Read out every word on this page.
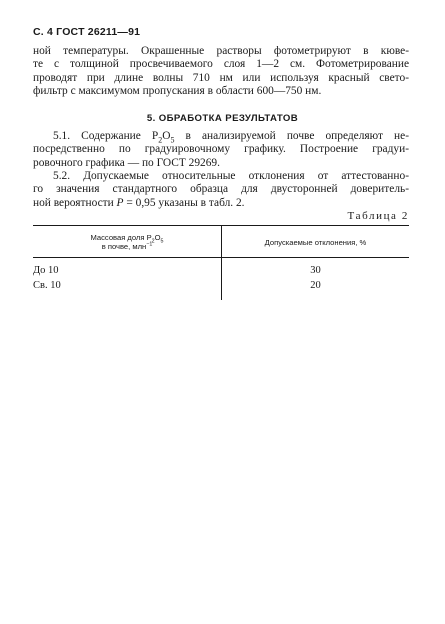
С. 4 ГОСТ 26211—91
ной температуры. Окрашенные растворы фотометрируют в кюве-
те с толщиной просвечиваемого слоя 1—2 см. Фотометрирование
проводят при длине волны 710 нм или используя красный свето-
фильтр с максимумом пропускания в области 600—750 нм.
5. ОБРАБОТКА РЕЗУЛЬТАТОВ
5.1. Содержание $P_2O_5$ в анализируемой почве определяют не-
посредственно по градуировочному графику. Построение градуи-
ровочного графика — по ГОСТ 29269.
5.2. Допускаемые относительные отклонения от аттестованно-
го значения стандартного образца для двусторонней доверитель-
ной вероятности P = 0,95 указаны в табл. 2.
Таблица 2
Массовая доля $P_2O_5$
в почве, млн$^{-1}$	Допускаемые отклонения, %
До 10	30
Св. 10	20
